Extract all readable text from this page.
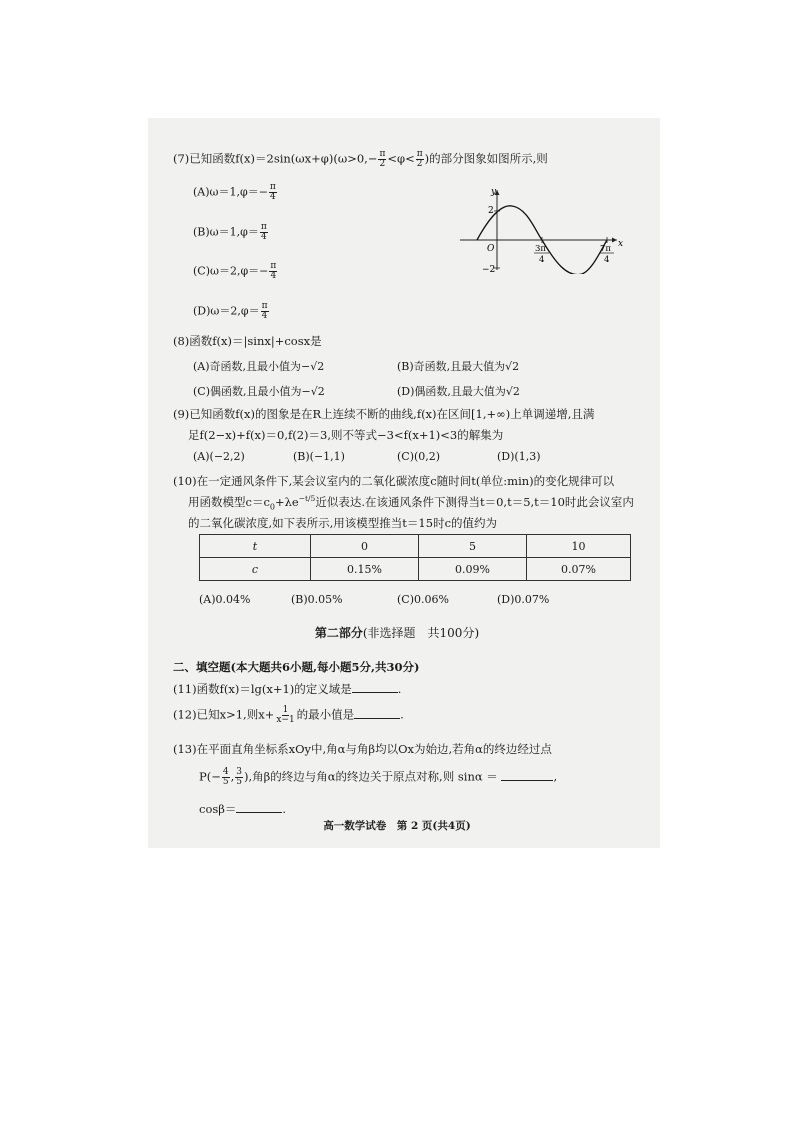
(7)已知函数$f(x)=2\sin(\omega x+\varphi)(\omega>0,- \frac{\pi}{2} <\varphi< \frac{\pi}{2}$ )的部分图象如图所示,则
$(A)\omega=1,\varphi=- \frac{\pi}{4}$
$(B)\omega=1,\varphi= \frac{\pi}{4}$
$(C)\omega=2,\varphi=- \frac{\pi}{4}$
$(D)\omega=2,\varphi= \frac{\pi}{4}$
y
x
2
−2
O	3π
4
7π
4
(8)函数f(x)＝|sinx|+cosx是
(A)奇函数,且最小值为−√2	(B)奇函数,且最大值为√2
(C)偶函数,且最小值为−√2	(D)偶函数,且最大值为√2
(9)已知函数f(x)的图象是在R上连续不断的曲线,f(x)在区间[1,+∞)上单调递增,且满
足f(2−x)+f(x)＝0,f(2)＝3,则不等式−3<f(x+1)<3的解集为
(A)(−2,2)	(B)(−1,1)	(C)(0,2)	(D)(1,3)
(10)在一定通风条件下,某会议室内的二氧化碳浓度c随时间t(单位:min)的变化规律可以
用函数模型$c=c_0+\lambda e^{-t/5}$近似表达.在该通风条件下测得当t＝0,t＝5,t＝10时此会议室内
的二氧化碳浓度,如下表所示,用该模型推当t＝15时c的值约为
t	0	5	10
c	0.15%	0.09%	0.07%
(A)0.04%	(B)0.05%	(C)0.06%	(D)0.07%
第二部分(非选择题　共100分)
二、填空题(本大题共6小题,每小题5分,共30分)
(11)函数f(x)＝lg(x+1)的定义域是	.
(12)已知x>1,则$x+ \frac{1}{x-1}$ 的最小值是	.
(13)在平面直角坐标系xOy中,角α与角β均以Ox为始边,若角α的终边经过点
$P(- \frac{4}{5}$ , $\frac{3}{5}$ ),角β的终边与角α的终边关于原点对称,则 sinα ＝	,
cosβ＝	.
高一数学试卷　第 2 页(共4页)
